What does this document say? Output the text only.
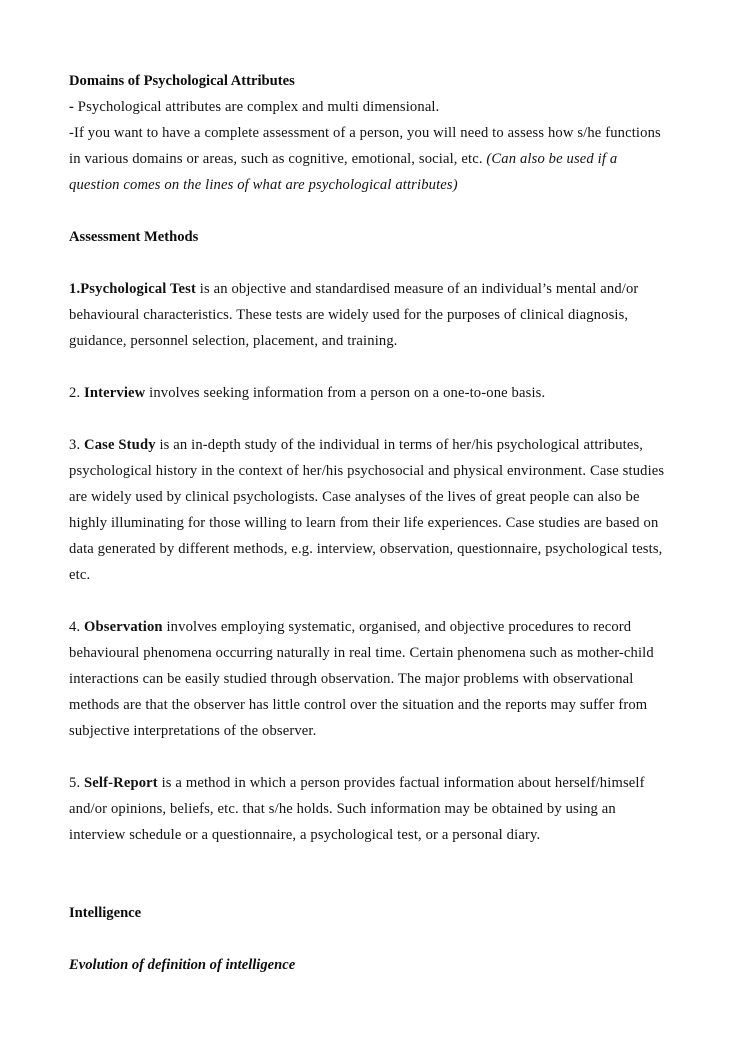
Domains of Psychological Attributes

- Psychological attributes are complex and multi dimensional.

-If you want to have a complete assessment of a person, you will need to assess how s/he functions in various domains or areas, such as cognitive, emotional, social, etc. (Can also be used if a question comes on the lines of what are psychological attributes)

Assessment Methods

1.Psychological Test is an objective and standardised measure of an individual’s mental and/or behavioural characteristics. These tests are widely used for the purposes of clinical diagnosis, guidance, personnel selection, placement, and training.

2. Interview involves seeking information from a person on a one-to-one basis.

3. Case Study is an in-depth study of the individual in terms of her/his psychological attributes, psychological history in the context of her/his psychosocial and physical environment. Case studies are widely used by clinical psychologists. Case analyses of the lives of great people can also be highly illuminating for those willing to learn from their life experiences. Case studies are based on data generated by different methods, e.g. interview, observation, questionnaire, psychological tests, etc.

4. Observation involves employing systematic, organised, and objective procedures to record behavioural phenomena occurring naturally in real time. Certain phenomena such as mother-child interactions can be easily studied through observation. The major problems with observational methods are that the observer has little control over the situation and the reports may suffer from subjective interpretations of the observer.

5. Self-Report is a method in which a person provides factual information about herself/himself and/or opinions, beliefs, etc. that s/he holds. Such information may be obtained by using an interview schedule or a questionnaire, a psychological test, or a personal diary.

Intelligence
Evolution of definition of intelligence
